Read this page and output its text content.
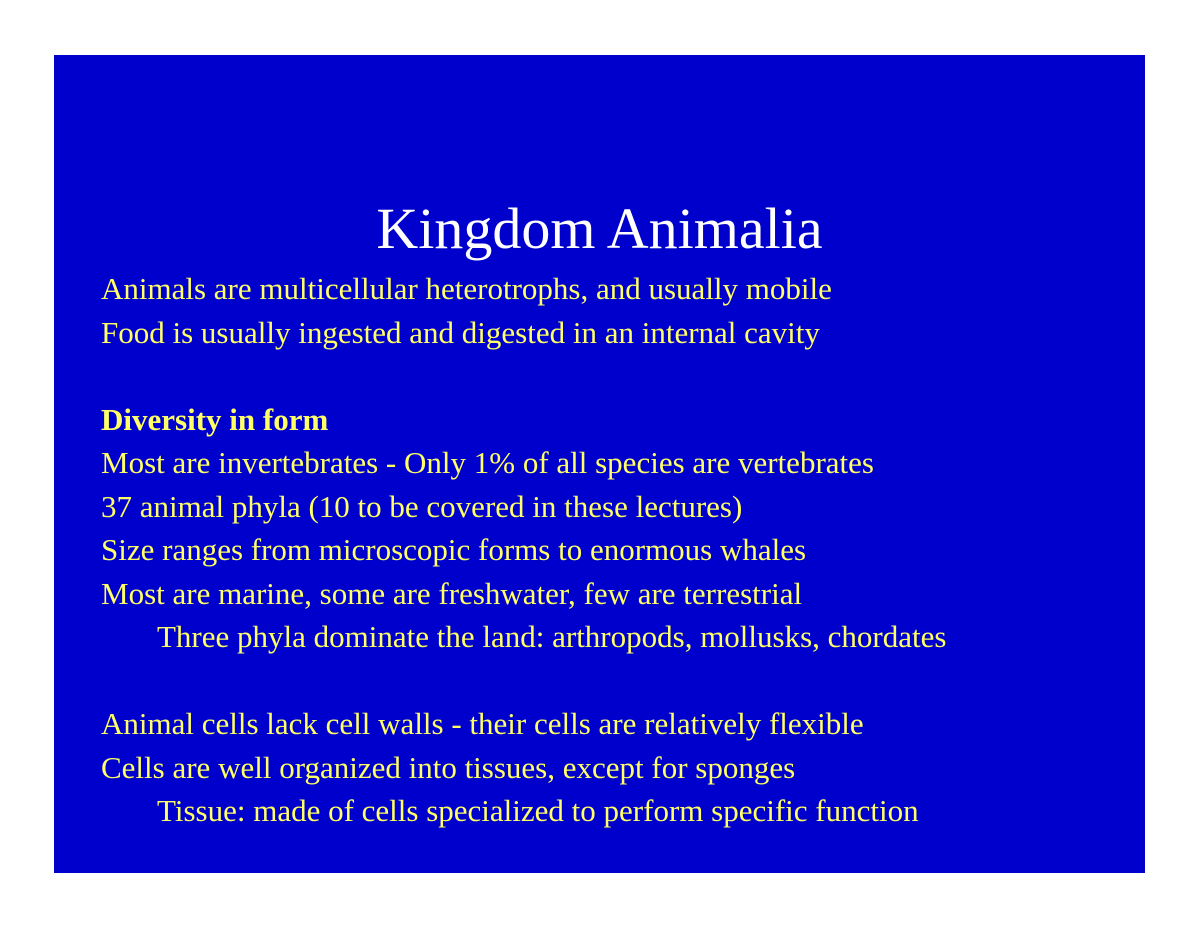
Kingdom Animalia
Animals are multicellular heterotrophs, and usually mobile
Food is usually ingested and digested in an internal cavity
Diversity in form
Most are invertebrates - Only 1% of all species are vertebrates
37 animal phyla (10 to be covered in these lectures)
Size ranges from microscopic forms to enormous whales
Most are marine, some are freshwater, few are terrestrial
Three phyla dominate the land: arthropods, mollusks, chordates
Animal cells lack cell walls - their cells are relatively flexible
Cells are well organized into tissues, except for sponges
Tissue: made of cells specialized to perform specific function
